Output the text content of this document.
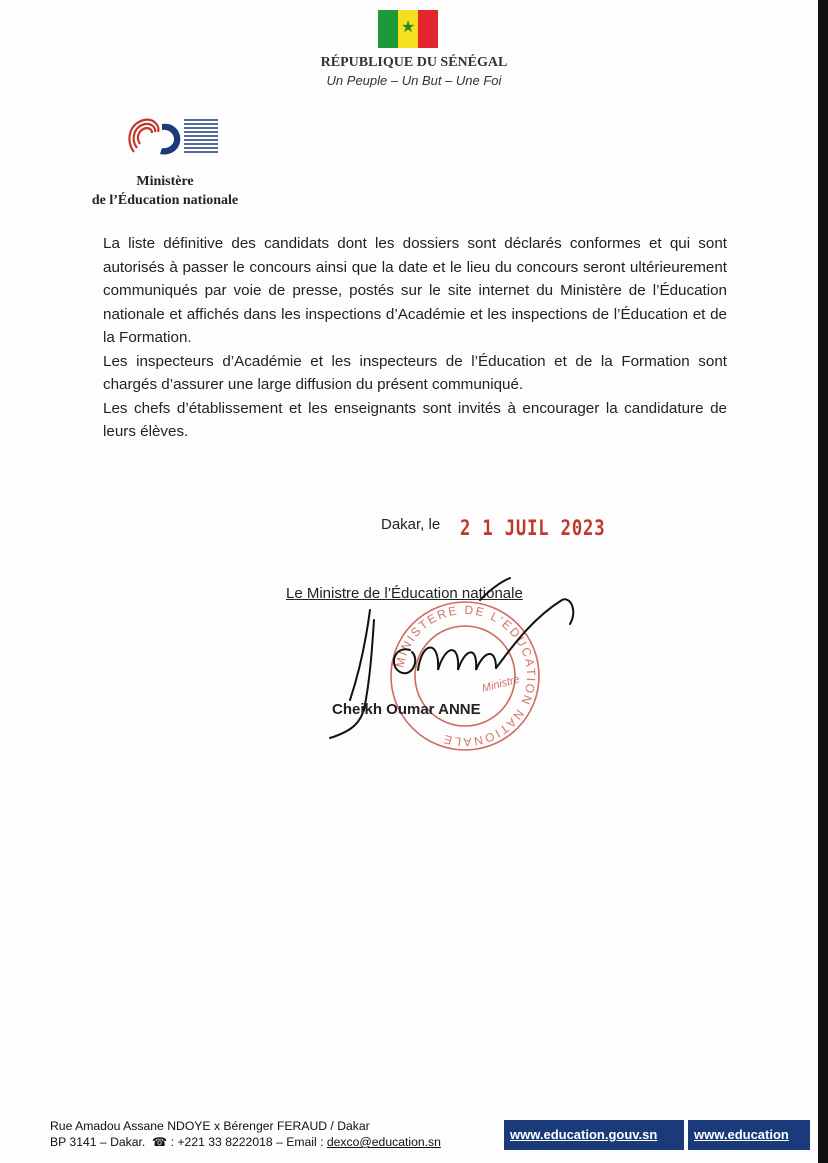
★
RÉPUBLIQUE DU SÉNÉGAL
Un Peuple – Un But – Une Foi
Ministère
de l’Éducation nationale

La liste définitive des candidats dont les dossiers sont déclarés conformes et qui sont autorisés à passer le concours ainsi que la date et le lieu du concours seront ultérieurement communiqués par voie de presse, postés sur le site internet du Ministère de l’Éducation nationale et affichés dans les inspections d’Académie et les inspections de l’Éducation et de la Formation.

Les inspecteurs d’Académie et les inspecteurs de l’Éducation et de la Formation sont chargés d’assurer une large diffusion du présent communiqué.

Les chefs d’établissement et les enseignants sont invités à encourager la candidature de leurs élèves.

Dakar, le 2 1 JUIL 2023
Le Ministre de l’Éducation nationale
MINISTERE DE L'EDUCATION NATIONALE
Ministre
Cheikh Oumar ANNE
Rue Amadou Assane NDOYE x Bérenger FERAUD / Dakar
BP 3141 – Dakar.  ☎ : +221 33 8222018 – Email : dexco@education.sn	www.education.gouv.sn	www.education
